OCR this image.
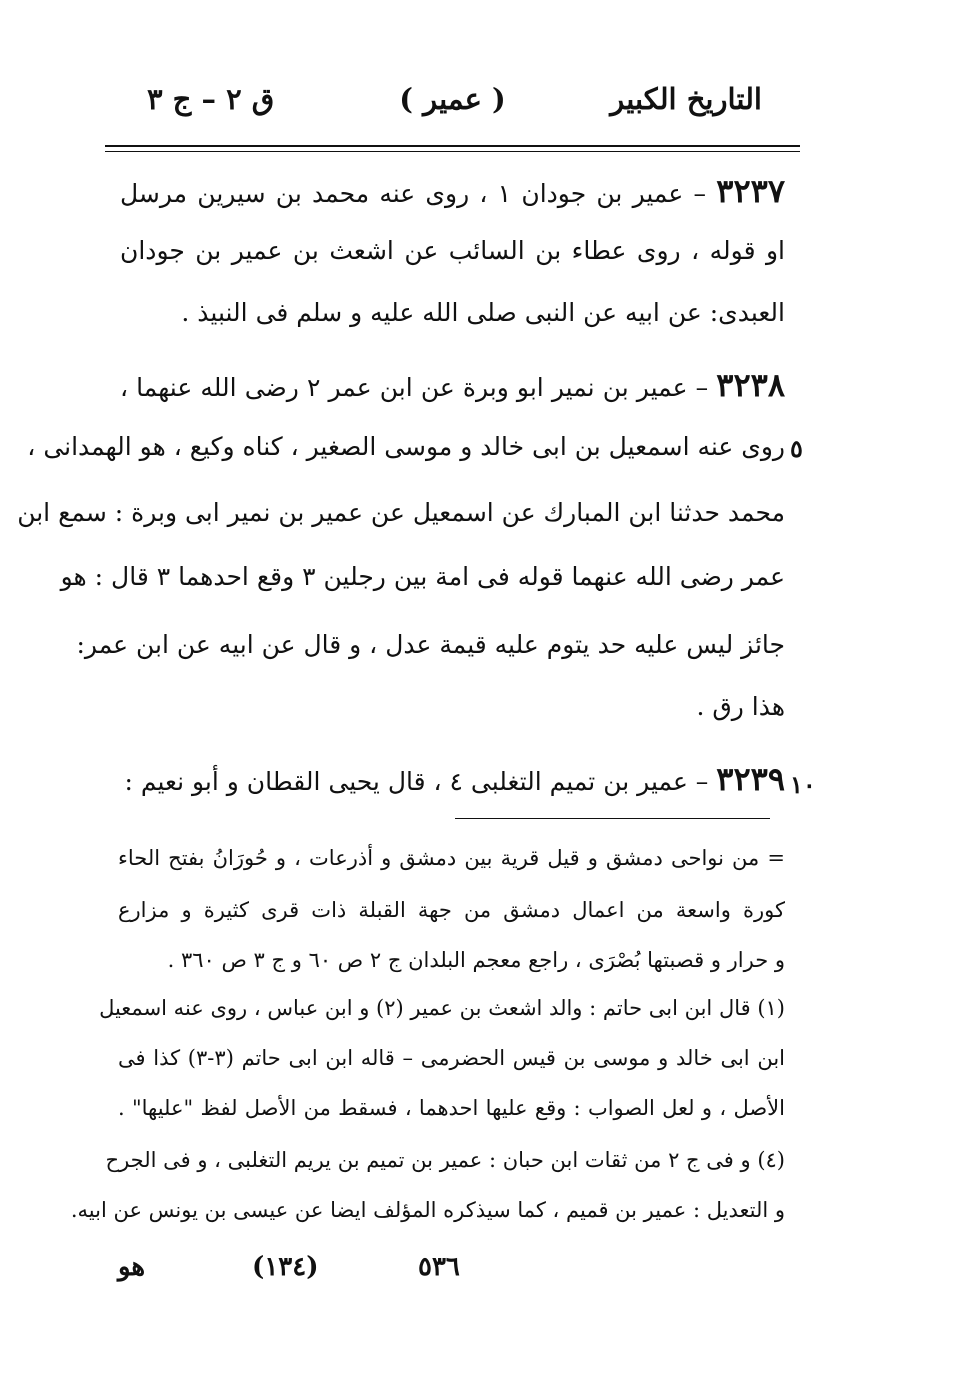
التاريخ الكبير
( عمير )
ق ٢ – ج ٣
٣٢٣٧ – عمير بن جودان ١ ، روى عنه محمد بن سيرين مرسل
او قوله ، روى عطاء بن السائب عن اشعث بن عمير بن جودان
العبدى: عن ابيه عن النبى صلى الله عليه و سلم فى النبيذ .
٣٢٣٨ – عمير بن نمير ابو وبرة عن ابن عمر ٢ رضى الله عنهما ،
روى عنه اسمعيل بن ابى خالد و موسى الصغير ، كناه وكيع ، هو الهمدانى ،
محمد حدثنا ابن المبارك عن اسمعيل عن عمير بن نمير ابى وبرة : سمع ابن
عمر رضى الله عنهما قوله فى امة بين رجلين ٣ وقع احدهما ٣ قال : هو
جائز ليس عليه حد يتوم عليه قيمة عدل ، و قال عن ابيه عن ابن عمر:
هذا رق .
٣٢٣٩ – عمير بن تميم التغلبى ٤ ، قال يحيى القطان و أبو نعيم :
٥
١٠
= من نواحى دمشق و قيل قرية بين دمشق و أذرعات ، و حُورَانُ بفتح الحاء
كورة واسعة من اعمال دمشق من جهة القبلة ذات قرى كثيرة و مزارع
و حرار و قصبتها بُصْرَى ، راجع معجم البلدان ج ٢ ص ٦٠ و ج ٣ ص ٣٦٠ .
(١) قال ابن ابى حاتم : والد اشعث بن عمير (٢) و ابن عباس ، روى عنه اسمعيل
ابن ابى خالد و موسى بن قيس الحضرمى – قاله ابن ابى حاتم (٣-٣) كذا فى
الأصل ، و لعل الصواب : وقع عليها احدهما ، فسقط من الأصل لفظ "عليها" .
(٤) و فى ج ٢ من ثقات ابن حبان : عمير بن تميم بن يريم التغلبى ، و فى الجرح
و التعديل : عمير بن قميم ، كما سيذكره المؤلف ايضا عن عيسى بن يونس عن ابيه.
٥٣٦
(١٣٤)
هو
